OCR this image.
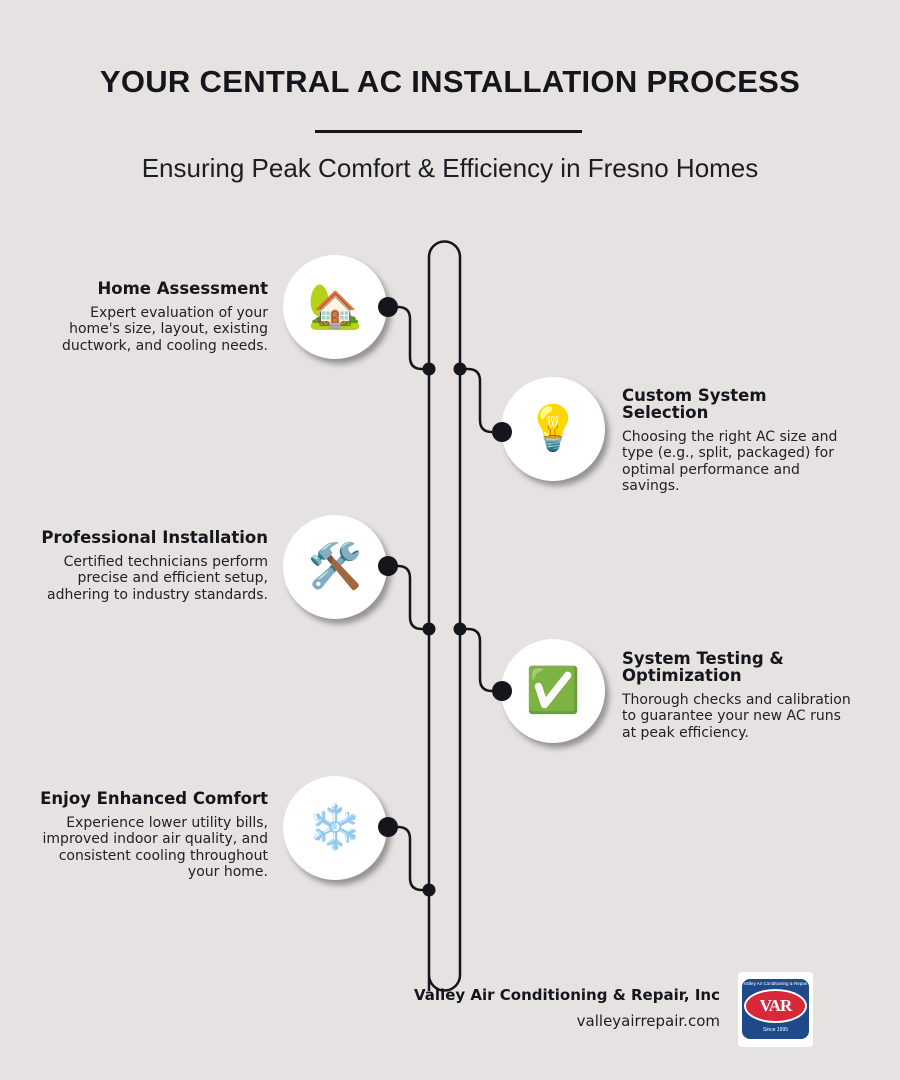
YOUR CENTRAL AC INSTALLATION PROCESS
Ensuring Peak Comfort & Efficiency in Fresno Homes
🏡
Home Assessment
Expert evaluation of your home's size, layout, existing ductwork, and cooling needs.
💡
Custom System Selection
Choosing the right AC size and type (e.g., split, packaged) for optimal performance and savings.
🛠️
Professional Installation
Certified technicians perform precise and efficient setup, adhering to industry standards.
✅
System Testing & Optimization
Thorough checks and calibration to guarantee your new AC runs at peak efficiency.
❄️
Enjoy Enhanced Comfort
Experience lower utility bills, improved indoor air quality, and consistent cooling throughout your home.
Valley Air Conditioning & Repair, Inc
valleyairrepair.com
Valley Air Conditioning & Repair
VAR
Since 1995
